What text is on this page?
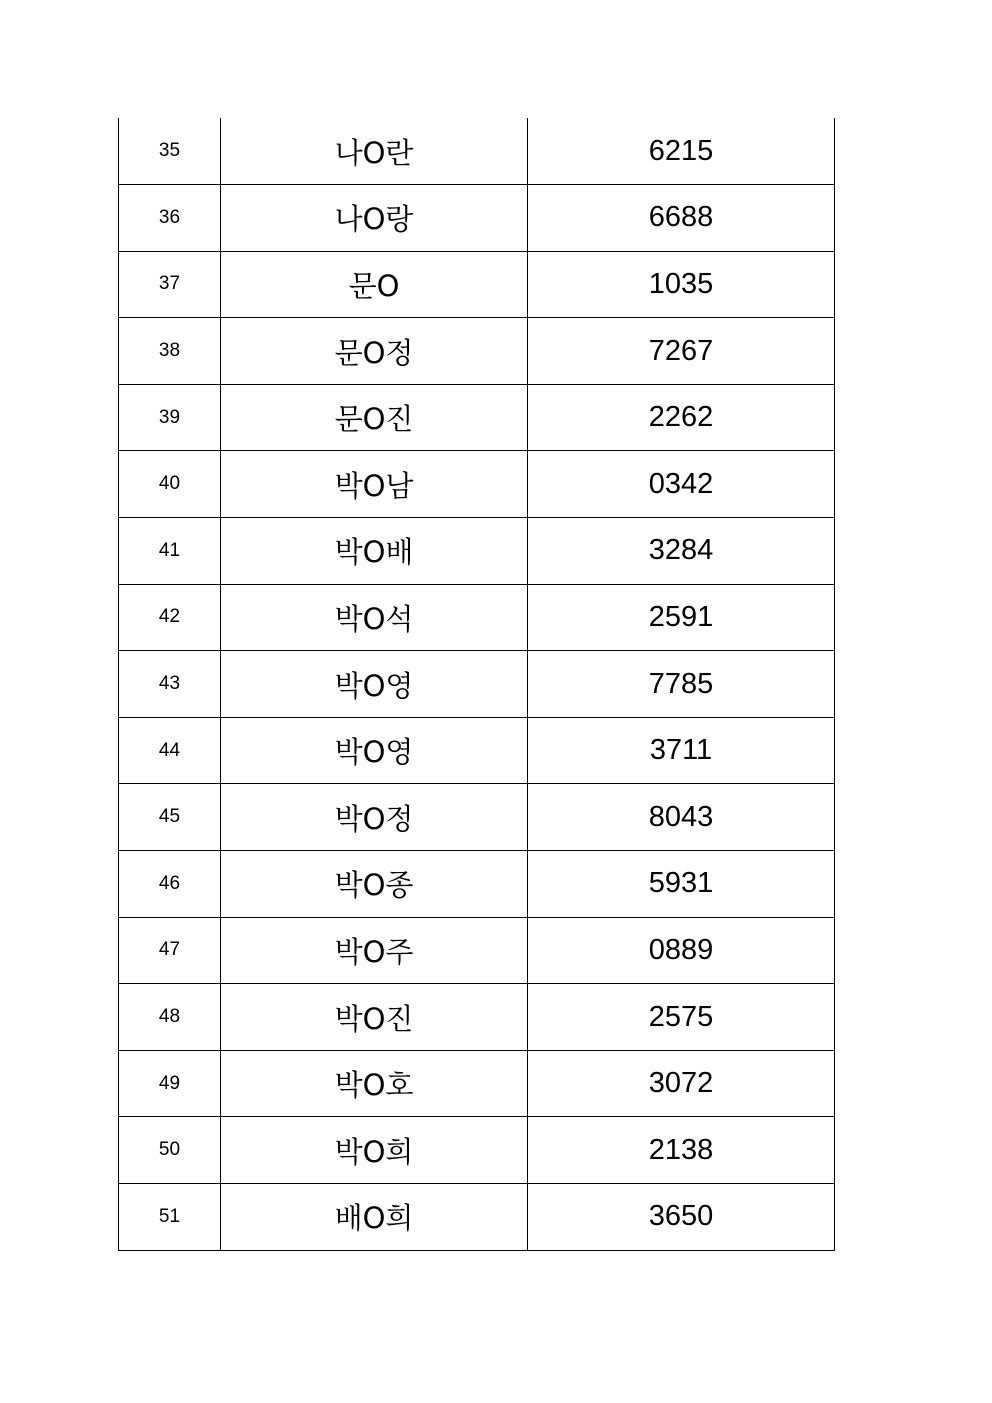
35	나O란	6215
36	나O랑	6688
37	문O	1035
38	문O정	7267
39	문O진	2262
40	박O남	0342
41	박O배	3284
42	박O석	2591
43	박O영	7785
44	박O영	3711
45	박O정	8043
46	박O종	5931
47	박O주	0889
48	박O진	2575
49	박O호	3072
50	박O희	2138
51	배O희	3650
